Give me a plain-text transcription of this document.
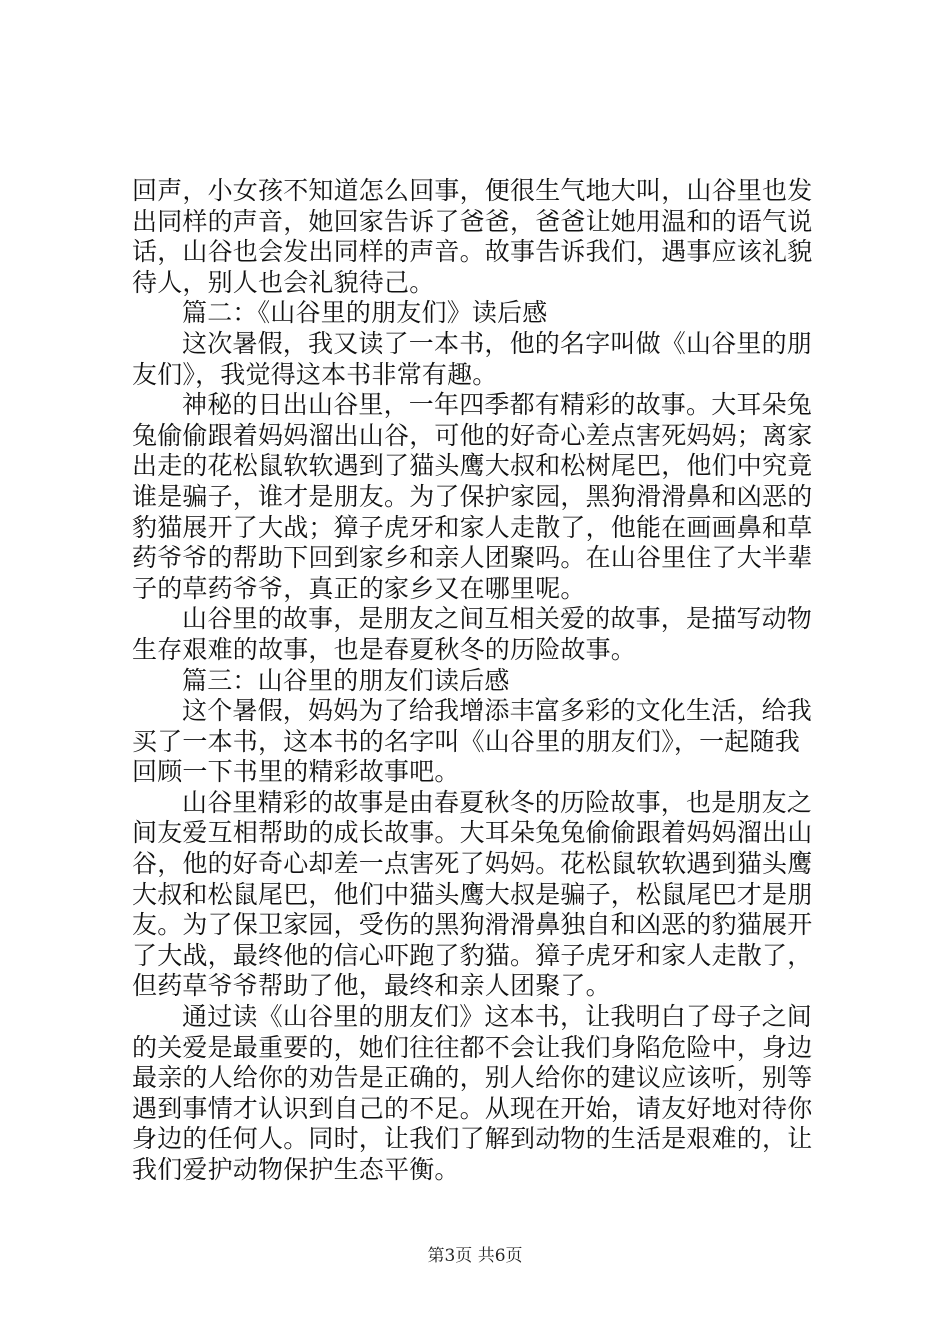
回声，小女孩不知道怎么回事，便很生气地大叫，山谷里也发
出同样的声音，她回家告诉了爸爸，爸爸让她用温和的语气说
话，山谷也会发出同样的声音。故事告诉我们，遇事应该礼貌
待人，别人也会礼貌待己。
篇二：《山谷里的朋友们》读后感
这次暑假，我又读了一本书，他的名字叫做《山谷里的朋
友们》，我觉得这本书非常有趣。
神秘的日出山谷里，一年四季都有精彩的故事。大耳朵兔
兔偷偷跟着妈妈溜出山谷，可他的好奇心差点害死妈妈；离家
出走的花松鼠软软遇到了猫头鹰大叔和松树尾巴，他们中究竟
谁是骗子，谁才是朋友。为了保护家园，黑狗滑滑鼻和凶恶的
豹猫展开了大战；獐子虎牙和家人走散了，他能在画画鼻和草
药爷爷的帮助下回到家乡和亲人团聚吗。在山谷里住了大半辈
子的草药爷爷，真正的家乡又在哪里呢。
山谷里的故事，是朋友之间互相关爱的故事，是描写动物
生存艰难的故事，也是春夏秋冬的历险故事。
篇三：山谷里的朋友们读后感
这个暑假，妈妈为了给我增添丰富多彩的文化生活，给我
买了一本书，这本书的名字叫《山谷里的朋友们》，一起随我
回顾一下书里的精彩故事吧。
山谷里精彩的故事是由春夏秋冬的历险故事，也是朋友之
间友爱互相帮助的成长故事。大耳朵兔兔偷偷跟着妈妈溜出山
谷，他的好奇心却差一点害死了妈妈。花松鼠软软遇到猫头鹰
大叔和松鼠尾巴，他们中猫头鹰大叔是骗子，松鼠尾巴才是朋
友。为了保卫家园，受伤的黑狗滑滑鼻独自和凶恶的豹猫展开
了大战，最终他的信心吓跑了豹猫。獐子虎牙和家人走散了，
但药草爷爷帮助了他，最终和亲人团聚了。
通过读《山谷里的朋友们》这本书，让我明白了母子之间
的关爱是最重要的，她们往往都不会让我们身陷危险中，身边
最亲的人给你的劝告是正确的，别人给你的建议应该听，别等
遇到事情才认识到自己的不足。从现在开始，请友好地对待你
身边的任何人。同时，让我们了解到动物的生活是艰难的，让
我们爱护动物保护生态平衡。
第3页 共6页
